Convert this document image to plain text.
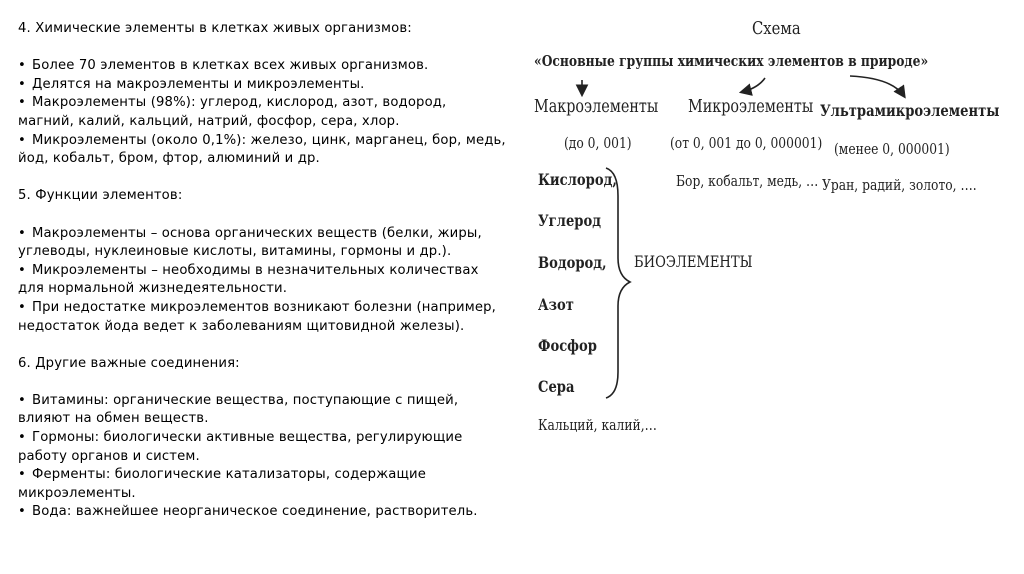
4. Химические элементы в клетках живых организмов:

• Более 70 элементов в клетках всех живых организмов.

• Делятся на макроэлементы и микроэлементы.

• Макроэлементы (98%): углерод, кислород, азот, водород,

магний, калий, кальций, натрий, фосфор, сера, хлор.

• Микроэлементы (около 0,1%): железо, цинк, марганец, бор, медь,

йод, кобальт, бром, фтор, алюминий и др.

5. Функции элементов:

• Макроэлементы – основа органических веществ (белки, жиры,

углеводы, нуклеиновые кислоты, витамины, гормоны и др.).

• Микроэлементы – необходимы в незначительных количествах

для нормальной жизнедеятельности.

• При недостатке микроэлементов возникают болезни (например,

недостаток йода ведет к заболеваниям щитовидной железы).

6. Другие важные соединения:

• Витамины: органические вещества, поступающие с пищей,

влияют на обмен веществ.

• Гормоны: биологически активные вещества, регулирующие

работу органов и систем.

• Ферменты: биологические катализаторы, содержащие

микроэлементы.

• Вода: важнейшее неорганическое соединение, растворитель.

Схема
«Основные группы химических элементов в природе»
Макроэлементы
(до 0, 001)
Микроэлементы
(от 0, 001 до 0, 000001)
Бор, кобальт, медь, …
Ультрамикроэлементы
(менее 0, 000001)
Уран, радий, золото, ….
Кислород,
Углерод
Водород,
Азот
Фосфор
Сера
Кальций, калий,…
БИОЭЛЕМЕНТЫ
